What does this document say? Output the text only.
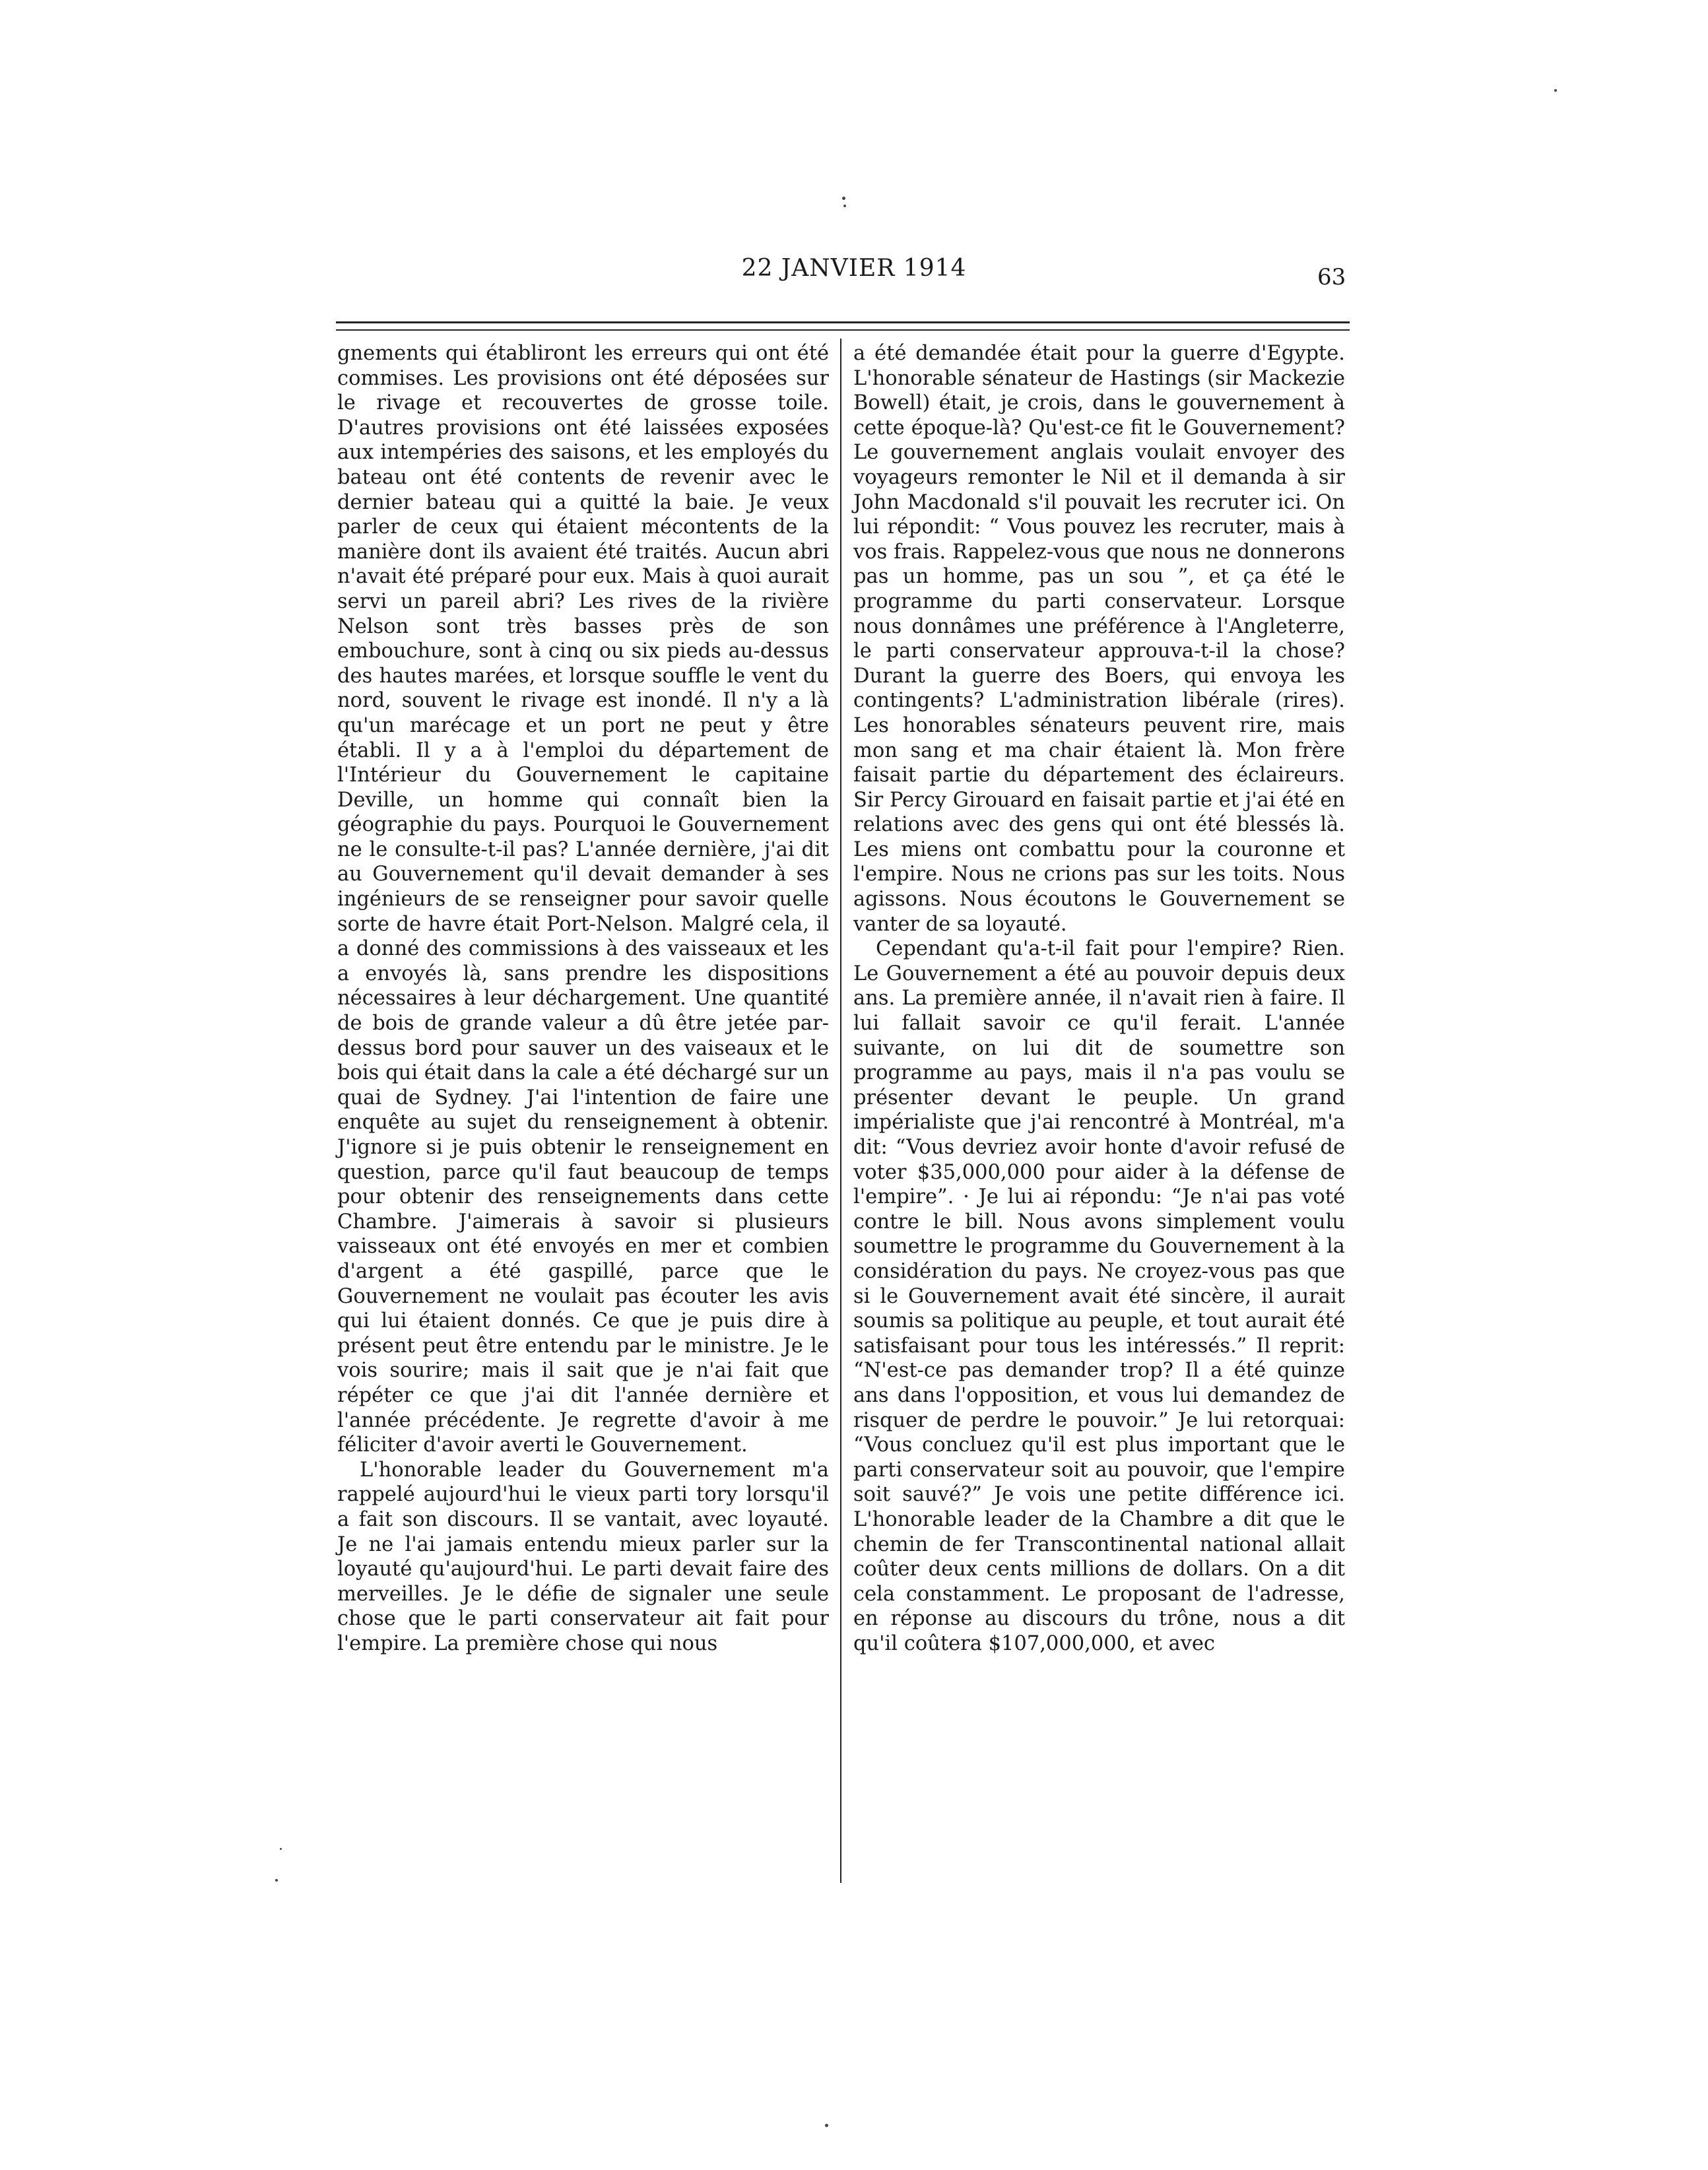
22 JANVIER 1914	63

gnements qui établiront les erreurs qui ont été commises. Les provisions ont été déposées sur le rivage et recouvertes de grosse toile. D'autres provisions ont été laissées exposées aux intempéries des saisons, et les employés du bateau ont été contents de revenir avec le dernier bateau qui a quitté la baie. Je veux parler de ceux qui étaient mécontents de la manière dont ils avaient été traités. Aucun abri n'avait été préparé pour eux. Mais à quoi aurait servi un pareil abri? Les rives de la rivière Nelson sont très basses près de son embouchure, sont à cinq ou six pieds au-dessus des hautes marées, et lorsque souffle le vent du nord, souvent le rivage est inondé. Il n'y a là qu'un marécage et un port ne peut y être établi. Il y a à l'emploi du département de l'Intérieur du Gouvernement le capitaine Deville, un homme qui connaît bien la géographie du pays. Pourquoi le Gouvernement ne le consulte-t-il pas? L'année dernière, j'ai dit au Gouvernement qu'il devait demander à ses ingénieurs de se renseigner pour savoir quelle sorte de havre était Port-Nelson. Malgré cela, il a donné des commissions à des vaisseaux et les a envoyés là, sans prendre les dispositions nécessaires à leur déchargement. Une quantité de bois de grande valeur a dû être jetée par-dessus bord pour sauver un des vaiseaux et le bois qui était dans la cale a été déchargé sur un quai de Sydney. J'ai l'intention de faire une enquête au sujet du renseignement à obtenir. J'ignore si je puis obtenir le renseignement en question, parce qu'il faut beaucoup de temps pour obtenir des renseignements dans cette Chambre. J'aimerais à savoir si plusieurs vaisseaux ont été envoyés en mer et combien d'argent a été gaspillé, parce que le Gouvernement ne voulait pas écouter les avis qui lui étaient donnés. Ce que je puis dire à présent peut être entendu par le ministre. Je le vois sourire; mais il sait que je n'ai fait que répéter ce que j'ai dit l'année dernière et l'année précédente. Je regrette d'avoir à me féliciter d'avoir averti le Gouvernement.

L'honorable leader du Gouvernement m'a rappelé aujourd'hui le vieux parti tory lorsqu'il a fait son discours. Il se vantait, avec loyauté. Je ne l'ai jamais entendu mieux parler sur la loyauté qu'aujourd'hui. Le parti devait faire des merveilles. Je le défie de signaler une seule chose que le parti conservateur ait fait pour l'empire. La première chose qui nous

a été demandée était pour la guerre d'Egypte. L'honorable sénateur de Hastings (sir Mackezie Bowell) était, je crois, dans le gouvernement à cette époque-là? Qu'est-ce fit le Gouvernement? Le gouvernement anglais voulait envoyer des voyageurs remonter le Nil et il demanda à sir John Macdonald s'il pouvait les recruter ici. On lui répondit: “ Vous pouvez les recruter, mais à vos frais. Rappelez-vous que nous ne donnerons pas un homme, pas un sou ”, et ça été le programme du parti conservateur. Lorsque nous donnâmes une préférence à l'Angleterre, le parti conservateur approuva-t-il la chose? Durant la guerre des Boers, qui envoya les contingents? L'administration libérale (rires). Les honorables sénateurs peuvent rire, mais mon sang et ma chair étaient là. Mon frère faisait partie du département des éclaireurs. Sir Percy Girouard en faisait partie et j'ai été en relations avec des gens qui ont été blessés là. Les miens ont combattu pour la couronne et l'empire. Nous ne crions pas sur les toits. Nous agissons. Nous écoutons le Gouvernement se vanter de sa loyauté.

Cependant qu'a-t-il fait pour l'empire? Rien. Le Gouvernement a été au pouvoir depuis deux ans. La première année, il n'avait rien à faire. Il lui fallait savoir ce qu'il ferait. L'année suivante, on lui dit de soumettre son programme au pays, mais il n'a pas voulu se présenter devant le peuple. Un grand impérialiste que j'ai rencontré à Montréal, m'a dit: “Vous devriez avoir honte d'avoir refusé de voter $35,000,000 pour aider à la défense de l'empire”. · Je lui ai répondu: “Je n'ai pas voté contre le bill. Nous avons simplement voulu soumettre le programme du Gouvernement à la considération du pays. Ne croyez-vous pas que si le Gouvernement avait été sincère, il aurait soumis sa politique au peuple, et tout aurait été satisfaisant pour tous les intéressés.” Il reprit: “N'est-ce pas demander trop? Il a été quinze ans dans l'opposition, et vous lui demandez de risquer de perdre le pouvoir.” Je lui retorquai: “Vous concluez qu'il est plus important que le parti conservateur soit au pouvoir, que l'empire soit sauvé?” Je vois une petite différence ici. L'honorable leader de la Chambre a dit que le chemin de fer Transcontinental national allait coûter deux cents millions de dollars. On a dit cela constamment. Le proposant de l'adresse, en réponse au discours du trône, nous a dit qu'il coûtera $107,000,000, et avec
